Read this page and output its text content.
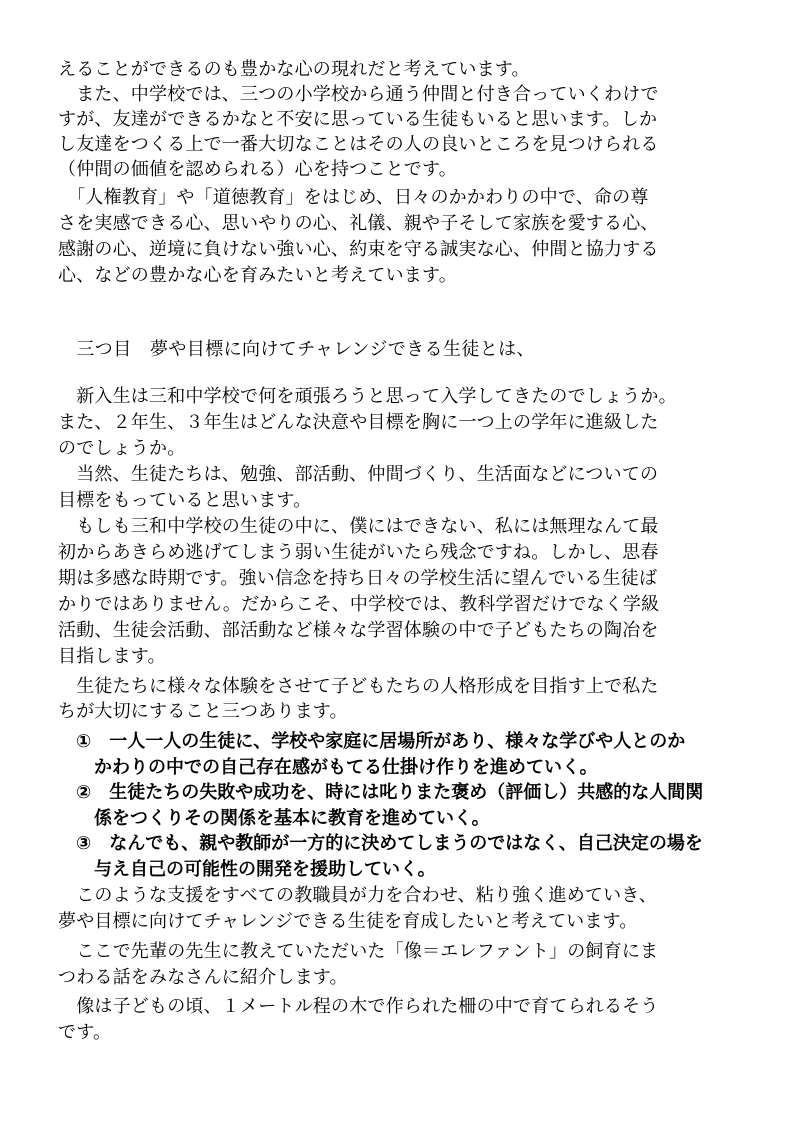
えることができるのも豊かな心の現れだと考えています。
　また、中学校では、三つの小学校から通う仲間と付き合っていくわけで
すが、友達ができるかなと不安に思っている生徒もいると思います。しか
し友達をつくる上で一番大切なことはその人の良いところを見つけられる
（仲間の価値を認められる）心を持つことです。
　「人権教育」や「道徳教育」をはじめ、日々のかかわりの中で、命の尊
さを実感できる心、思いやりの心、礼儀、親や子そして家族を愛する心、
感謝の心、逆境に負けない強い心、約束を守る誠実な心、仲間と協力する
心、などの豊かな心を育みたいと考えています。
　三つ目　夢や目標に向けてチャレンジできる生徒とは、
　新入生は三和中学校で何を頑張ろうと思って入学してきたのでしょうか。
また、２年生、３年生はどんな決意や目標を胸に一つ上の学年に進級した
のでしょうか。
　当然、生徒たちは、勉強、部活動、仲間づくり、生活面などについての
目標をもっていると思います。
　もしも三和中学校の生徒の中に、僕にはできない、私には無理なんて最
初からあきらめ逃げてしまう弱い生徒がいたら残念ですね。しかし、思春
期は多感な時期です。強い信念を持ち日々の学校生活に望んでいる生徒ば
かりではありません。だからこそ、中学校では、教科学習だけでなく学級
活動、生徒会活動、部活動など様々な学習体験の中で子どもたちの陶冶を
目指します。
　生徒たちに様々な体験をさせて子どもたちの人格形成を目指す上で私た
ちが大切にすること三つあります。
　①　一人一人の生徒に、学校や家庭に居場所があり、様々な学びや人とのか
　　かわりの中での自己存在感がもてる仕掛け作りを進めていく。
　②　生徒たちの失敗や成功を、時には叱りまた褒め（評価し）共感的な人間関
　　係をつくりその関係を基本に教育を進めていく。
　③　なんでも、親や教師が一方的に決めてしまうのではなく、自己決定の場を
　　与え自己の可能性の開発を援助していく。
　このような支援をすべての教職員が力を合わせ、粘り強く進めていき、
夢や目標に向けてチャレンジできる生徒を育成したいと考えています。
　ここで先輩の先生に教えていただいた「像＝エレファント」の飼育にま
つわる話をみなさんに紹介します。
　像は子どもの頃、１メートル程の木で作られた柵の中で育てられるそう
です。
